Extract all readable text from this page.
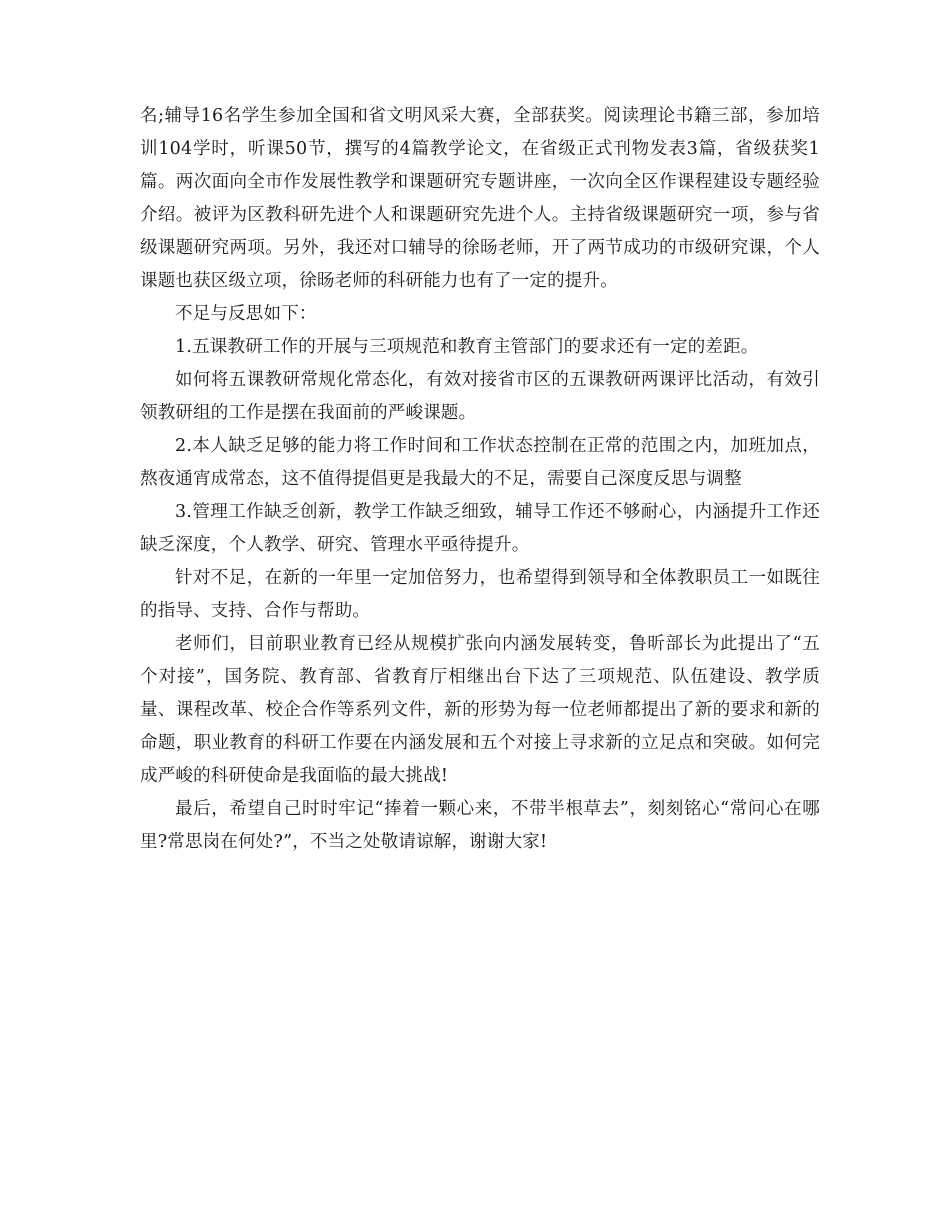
名;辅导16名学生参加全国和省文明风采大赛，全部获奖。阅读理论书籍三部，参加培训104学时，听课50节，撰写的4篇教学论文，在省级正式刊物发表3篇，省级获奖1篇。两次面向全市作发展性教学和课题研究专题讲座，一次向全区作课程建设专题经验介绍。被评为区教科研先进个人和课题研究先进个人。主持省级课题研究一项，参与省级课题研究两项。另外，我还对口辅导的徐旸老师，开了两节成功的市级研究课，个人课题也获区级立项，徐旸老师的科研能力也有了一定的提升。

不足与反思如下：

1.五课教研工作的开展与三项规范和教育主管部门的要求还有一定的差距。

如何将五课教研常规化常态化，有效对接省市区的五课教研两课评比活动，有效引领教研组的工作是摆在我面前的严峻课题。

2.本人缺乏足够的能力将工作时间和工作状态控制在正常的范围之内，加班加点，熬夜通宵成常态，这不值得提倡更是我最大的不足，需要自己深度反思与调整

3.管理工作缺乏创新，教学工作缺乏细致，辅导工作还不够耐心，内涵提升工作还缺乏深度，个人教学、研究、管理水平亟待提升。

针对不足，在新的一年里一定加倍努力，也希望得到领导和全体教职员工一如既往的指导、支持、合作与帮助。

老师们，目前职业教育已经从规模扩张向内涵发展转变，鲁昕部长为此提出了“五个对接”，国务院、教育部、省教育厅相继出台下达了三项规范、队伍建设、教学质量、课程改革、校企合作等系列文件，新的形势为每一位老师都提出了新的要求和新的命题，职业教育的科研工作要在内涵发展和五个对接上寻求新的立足点和突破。如何完成严峻的科研使命是我面临的最大挑战!

最后，希望自己时时牢记“捧着一颗心来，不带半根草去”，刻刻铭心“常问心在哪里?常思岗在何处?”，不当之处敬请谅解，谢谢大家!
